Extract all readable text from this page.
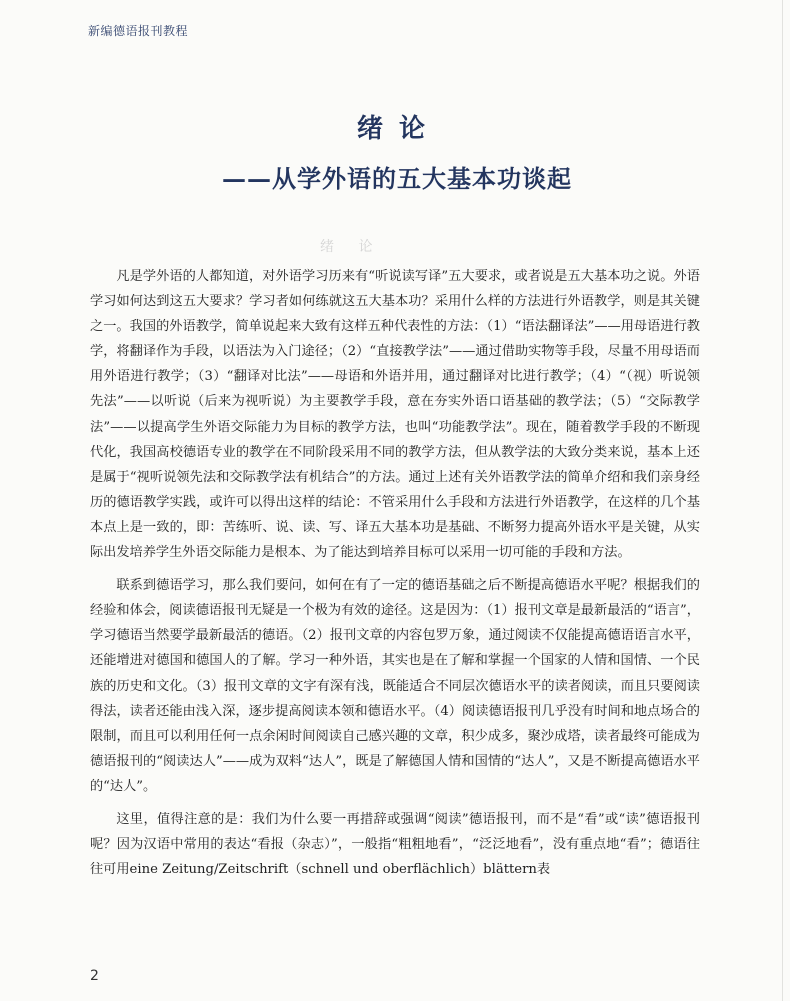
新编德语报刊教程
绪论
——从学外语的五大基本功谈起
绪 论

凡是学外语的人都知道，对外语学习历来有“听说读写译”五大要求，或者说是五大基本功之说。外语学习如何达到这五大要求？学习者如何练就这五大基本功？采用什么样的方法进行外语教学，则是其关键之一。我国的外语教学，简单说起来大致有这样五种代表性的方法：（1）“语法翻译法”——用母语进行教学，将翻译作为手段，以语法为入门途径；（2）“直接教学法”——通过借助实物等手段，尽量不用母语而用外语进行教学；（3）“翻译对比法”——母语和外语并用，通过翻译对比进行教学；（4）“（视）听说领先法”——以听说（后来为视听说）为主要教学手段，意在夯实外语口语基础的教学法；（5）“交际教学法”——以提高学生外语交际能力为目标的教学方法，也叫“功能教学法”。现在，随着教学手段的不断现代化，我国高校德语专业的教学在不同阶段采用不同的教学方法，但从教学法的大致分类来说，基本上还是属于“视听说领先法和交际教学法有机结合”的方法。通过上述有关外语教学法的简单介绍和我们亲身经历的德语教学实践，或许可以得出这样的结论：不管采用什么手段和方法进行外语教学，在这样的几个基本点上是一致的，即：苦练听、说、读、写、译五大基本功是基础、不断努力提高外语水平是关键，从实际出发培养学生外语交际能力是根本、为了能达到培养目标可以采用一切可能的手段和方法。

联系到德语学习，那么我们要问，如何在有了一定的德语基础之后不断提高德语水平呢？根据我们的经验和体会，阅读德语报刊无疑是一个极为有效的途径。这是因为：（1）报刊文章是最新最活的“语言”，学习德语当然要学最新最活的德语。（2）报刊文章的内容包罗万象，通过阅读不仅能提高德语语言水平，还能增进对德国和德国人的了解。学习一种外语，其实也是在了解和掌握一个国家的人情和国情、一个民族的历史和文化。（3）报刊文章的文字有深有浅，既能适合不同层次德语水平的读者阅读，而且只要阅读得法，读者还能由浅入深，逐步提高阅读本领和德语水平。（4）阅读德语报刊几乎没有时间和地点场合的限制，而且可以利用任何一点余闲时间阅读自己感兴趣的文章，积少成多，聚沙成塔，读者最终可能成为德语报刊的“阅读达人”——成为双料“达人”，既是了解德国人情和国情的“达人”，又是不断提高德语水平的“达人”。

这里，值得注意的是：我们为什么要一再措辞或强调“阅读”德语报刊，而不是“看”或“读”德语报刊呢？因为汉语中常用的表达“看报（杂志）”，一般指“粗粗地看”，“泛泛地看”，没有重点地“看”；德语往往可用eine Zeitung/Zeitschrift（schnell und oberflächlich）blättern表

2
